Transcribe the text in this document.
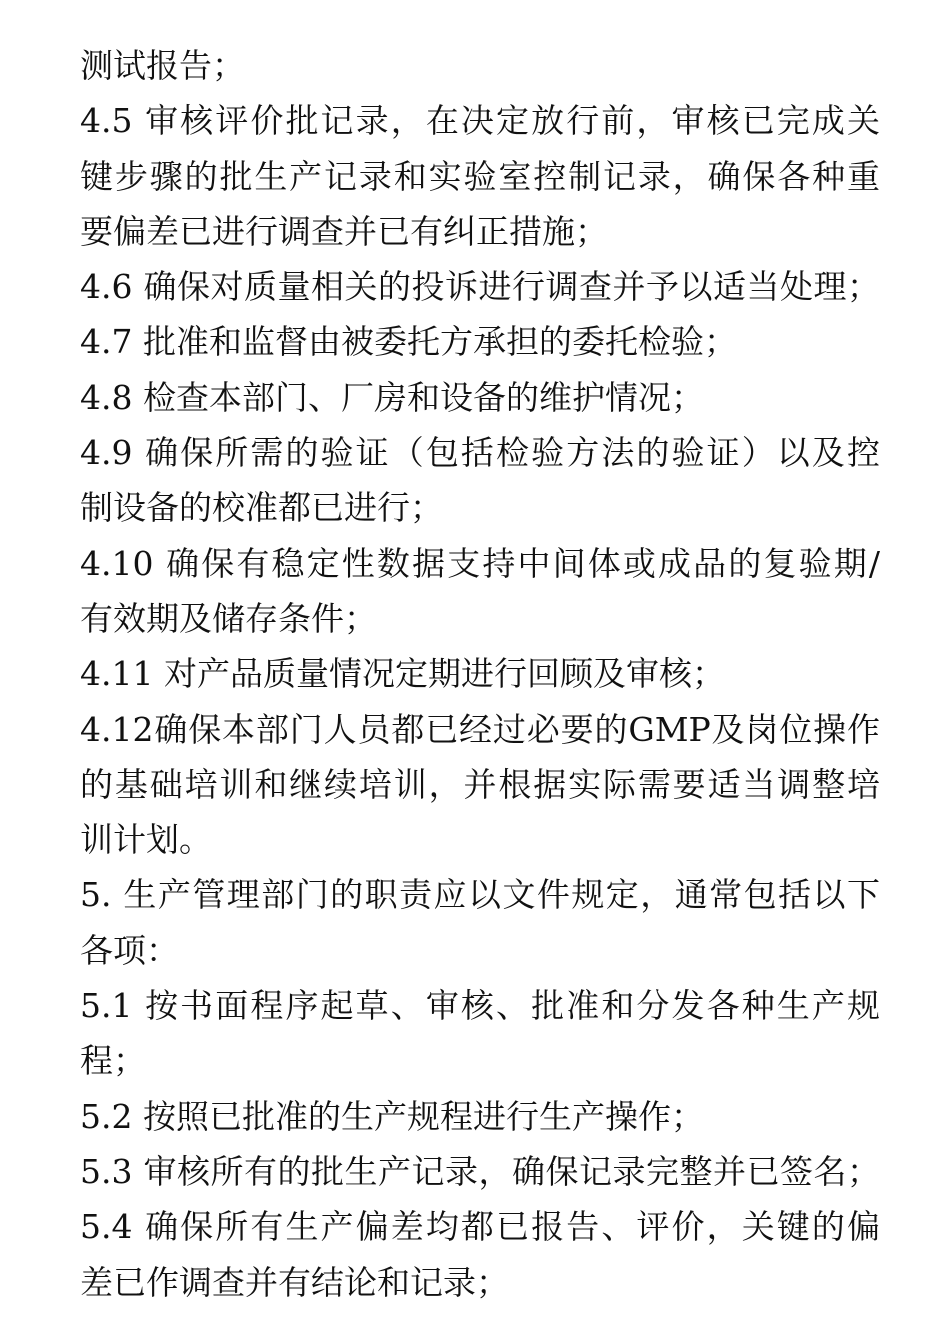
测试报告；
4.5 审核评价批记录，在决定放行前，审核已完成关
键步骤的批生产记录和实验室控制记录，确保各种重
要偏差已进行调查并已有纠正措施；
4.6 确保对质量相关的投诉进行调查并予以适当处理；
4.7 批准和监督由被委托方承担的委托检验；
4.8 检查本部门、厂房和设备的维护情况；
4.9 确保所需的验证（包括检验方法的验证）以及控
制设备的校准都已进行；
4.10 确保有稳定性数据支持中间体或成品的复验期/
有效期及储存条件；
4.11 对产品质量情况定期进行回顾及审核；
4.12确保本部门人员都已经过必要的GMP及岗位操作
的基础培训和继续培训，并根据实际需要适当调整培
训计划。
5. 生产管理部门的职责应以文件规定，通常包括以下
各项：
5.1 按书面程序起草、审核、批准和分发各种生产规
程；
5.2 按照已批准的生产规程进行生产操作；
5.3 审核所有的批生产记录，确保记录完整并已签名；
5.4 确保所有生产偏差均都已报告、评价，关键的偏
差已作调查并有结论和记录；
